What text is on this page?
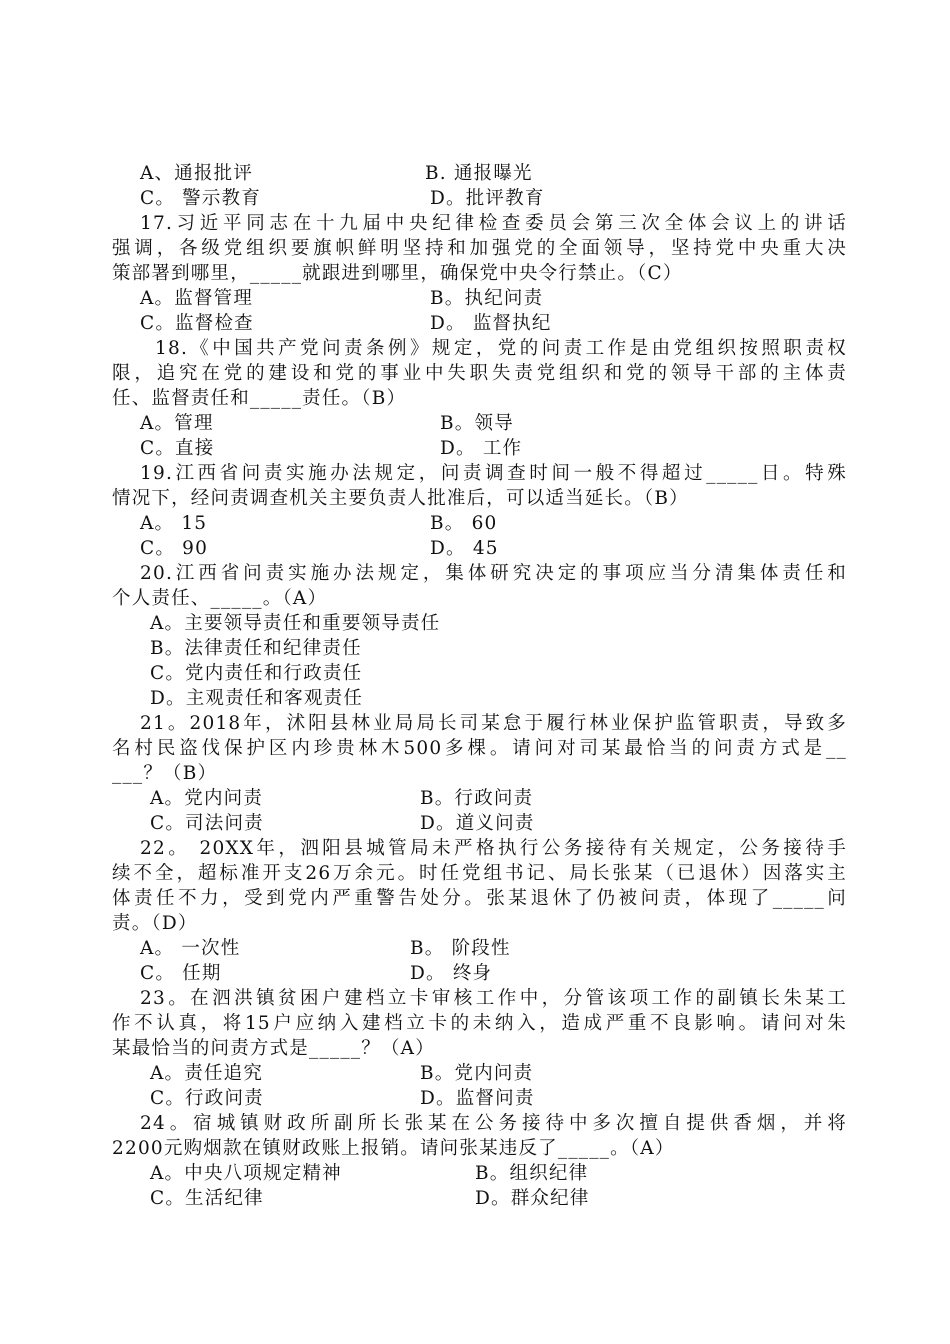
A、通报批评	B. 通报曝光
C。 警示教育	D。批评教育
17.习近平同志在十九届中央纪律检查委员会第三次全体会议上的讲话
强调，各级党组织要旗帜鲜明坚持和加强党的全面领导，坚持党中央重大决
策部署到哪里，_____就跟进到哪里，确保党中央令行禁止。（C）
A。监督管理	B。执纪问责
C。监督检查	D。 监督执纪
18.《中国共产党问责条例》规定，党的问责工作是由党组织按照职责权
限，追究在党的建设和党的事业中失职失责党组织和党的领导干部的主体责
任、监督责任和_____责任。（B）
A。管理	B。领导
C。直接	D。 工作
19.江西省问责实施办法规定，问责调查时间一般不得超过_____日。特殊
情况下，经问责调查机关主要负责人批准后，可以适当延长。（B）
A。 15	B。 60
C。 90	D。 45
20.江西省问责实施办法规定，集体研究决定的事项应当分清集体责任和
个人责任、_____。（A）
A。主要领导责任和重要领导责任
B。法律责任和纪律责任
C。党内责任和行政责任
D。主观责任和客观责任
21。2018年，沭阳县林业局局长司某怠于履行林业保护监管职责，导致多
名村民盗伐保护区内珍贵林木500多棵。请问对司某最恰当的问责方式是__
___？（B）
A。党内问责	B。行政问责
C。司法问责	D。道义问责
22。 20XX年，泗阳县城管局未严格执行公务接待有关规定，公务接待手
续不全，超标准开支26万余元。时任党组书记、局长张某（已退休）因落实主
体责任不力，受到党内严重警告处分。张某退休了仍被问责，体现了_____问
责。（D）
A。 一次性	B。 阶段性
C。 任期	D。 终身
23。在泗洪镇贫困户建档立卡审核工作中，分管该项工作的副镇长朱某工
作不认真，将15户应纳入建档立卡的未纳入，造成严重不良影响。请问对朱
某最恰当的问责方式是_____？（A）
A。责任追究	B。党内问责
C。行政问责	D。监督问责
24。宿城镇财政所副所长张某在公务接待中多次擅自提供香烟，并将
2200元购烟款在镇财政账上报销。请问张某违反了_____。（A）
A。中央八项规定精神	B。组织纪律
C。生活纪律	D。群众纪律
